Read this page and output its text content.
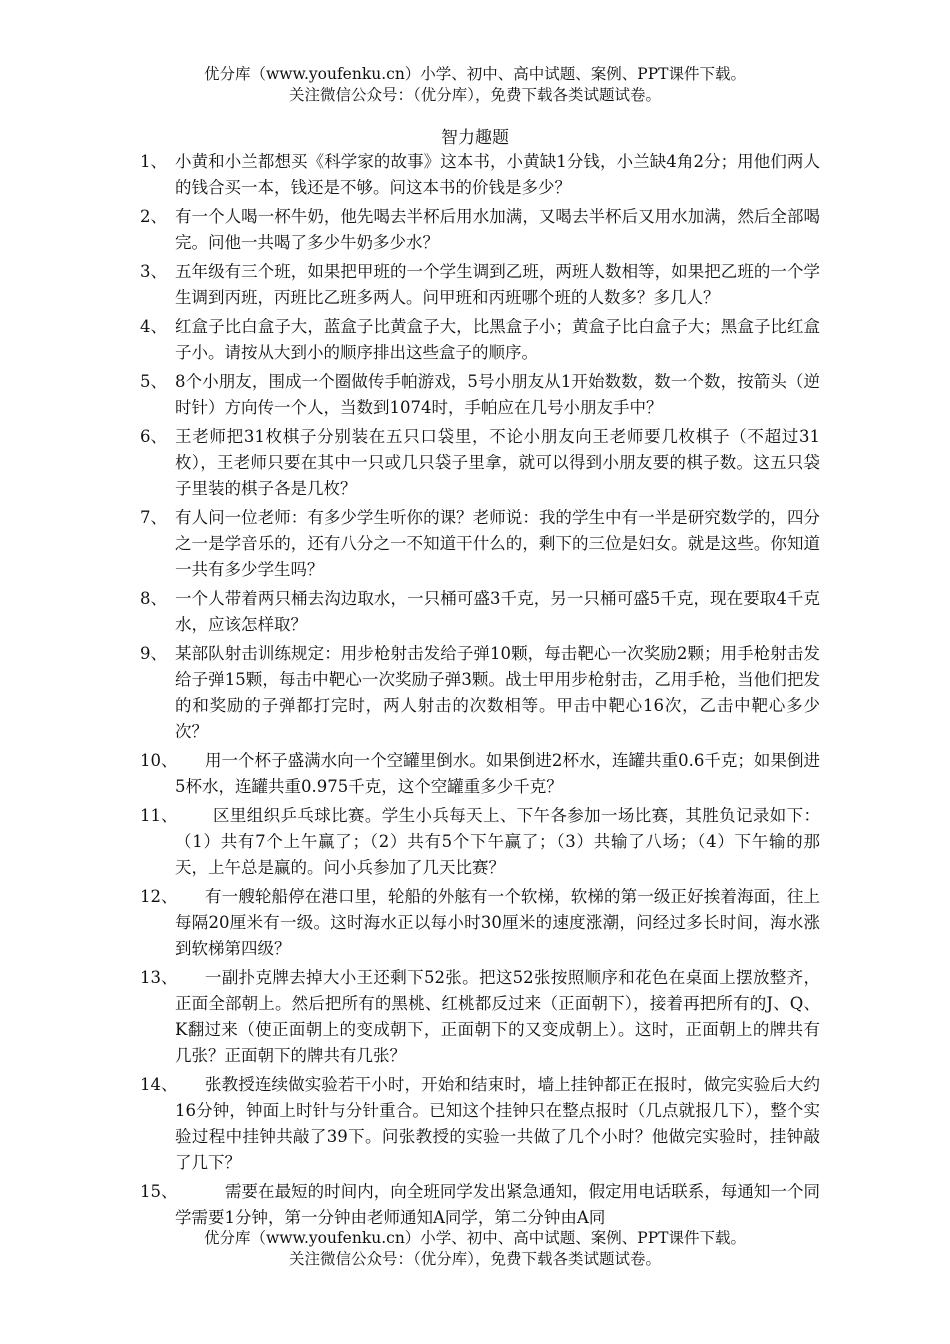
优分库（www.youfenku.cn）小学、初中、高中试题、案例、PPT课件下载。
关注微信公众号：（优分库），免费下载各类试题试卷。
智力趣题
1、 小黄和小兰都想买《科学家的故事》这本书，小黄缺1分钱，小兰缺4角2分；用他们两人的钱合买一本，钱还是不够。问这本书的价钱是多少？
2、 有一个人喝一杯牛奶，他先喝去半杯后用水加满，又喝去半杯后又用水加满，然后全部喝完。问他一共喝了多少牛奶多少水？
3、 五年级有三个班，如果把甲班的一个学生调到乙班，两班人数相等，如果把乙班的一个学生调到丙班，丙班比乙班多两人。问甲班和丙班哪个班的人数多？多几人？
4、 红盒子比白盒子大，蓝盒子比黄盒子大，比黑盒子小；黄盒子比白盒子大；黑盒子比红盒子小。请按从大到小的顺序排出这些盒子的顺序。
5、 8个小朋友，围成一个圈做传手帕游戏，5号小朋友从1开始数数，数一个数，按箭头（逆时针）方向传一个人，当数到1074时，手帕应在几号小朋友手中？
6、 王老师把31枚棋子分别装在五只口袋里，不论小朋友向王老师要几枚棋子（不超过31枚），王老师只要在其中一只或几只袋子里拿，就可以得到小朋友要的棋子数。这五只袋子里装的棋子各是几枚？
7、 有人问一位老师：有多少学生听你的课？老师说：我的学生中有一半是研究数学的，四分之一是学音乐的，还有八分之一不知道干什么的，剩下的三位是妇女。就是这些。你知道一共有多少学生吗？
8、 一个人带着两只桶去沟边取水，一只桶可盛3千克，另一只桶可盛5千克，现在要取4千克水，应该怎样取？
9、 某部队射击训练规定：用步枪射击发给子弹10颗，每击靶心一次奖励2颗；用手枪射击发给子弹15颗，每击中靶心一次奖励子弹3颗。战士甲用步枪射击，乙用手枪，当他们把发的和奖励的子弹都打完时，两人射击的次数相等。甲击中靶心16次，乙击中靶心多少次？
10、	用一个杯子盛满水向一个空罐里倒水。如果倒进2杯水，连罐共重0.6千克；如果倒进5杯水，连罐共重0.975千克，这个空罐重多少千克？
11、	区里组织乒乓球比赛。学生小兵每天上、下午各参加一场比赛，其胜负记录如下：（1）共有7个上午赢了；（2）共有5个下午赢了；（3）共输了八场；（4）下午输的那天，上午总是赢的。问小兵参加了几天比赛？
12、	有一艘轮船停在港口里，轮船的外舷有一个软梯，软梯的第一级正好挨着海面，往上每隔20厘米有一级。这时海水正以每小时30厘米的速度涨潮，问经过多长时间，海水涨到软梯第四级？
13、	一副扑克牌去掉大小王还剩下52张。把这52张按照顺序和花色在桌面上摆放整齐，正面全部朝上。然后把所有的黑桃、红桃都反过来（正面朝下），接着再把所有的J、Q、K翻过来（使正面朝上的变成朝下，正面朝下的又变成朝上）。这时，正面朝上的牌共有几张？正面朝下的牌共有几张？
14、	张教授连续做实验若干小时，开始和结束时，墙上挂钟都正在报时，做完实验后大约16分钟，钟面上时针与分针重合。已知这个挂钟只在整点报时（几点就报几下），整个实验过程中挂钟共敲了39下。问张教授的实验一共做了几个小时？他做完实验时，挂钟敲了几下？
15、	需要在最短的时间内，向全班同学发出紧急通知，假定用电话联系，每通知一个同学需要1分钟，第一分钟由老师通知A同学，第二分钟由A同
优分库（www.youfenku.cn）小学、初中、高中试题、案例、PPT课件下载。
关注微信公众号：（优分库），免费下载各类试题试卷。
